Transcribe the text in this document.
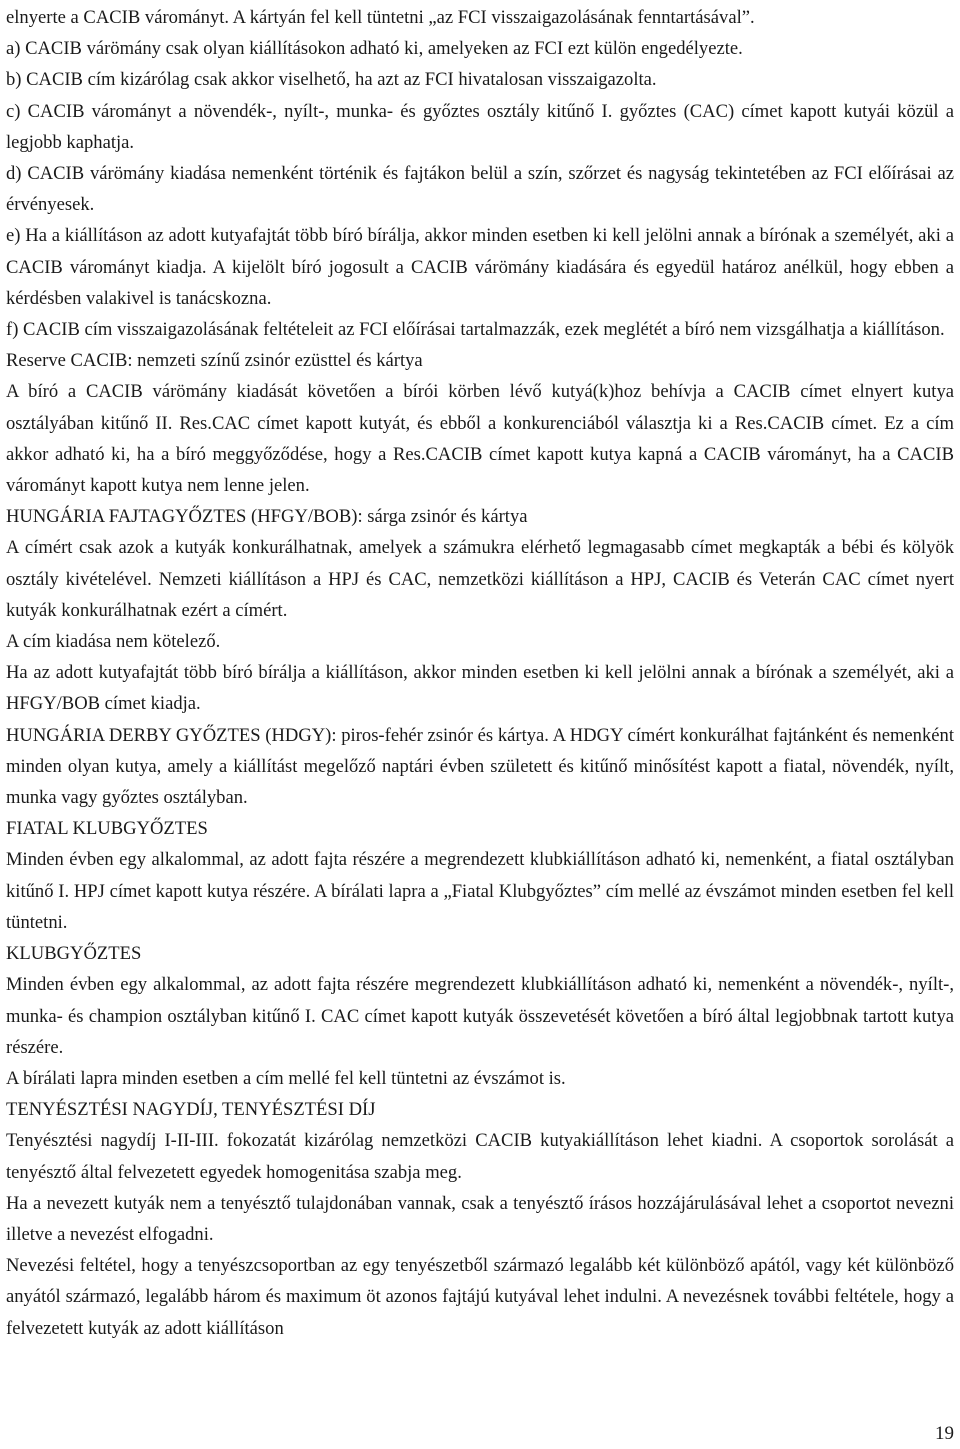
elnyerte a CACIB várományt. A kártyán fel kell tüntetni „az FCI visszaigazolásának fenntartásával”.

a) CACIB várömány csak olyan kiállításokon adható ki, amelyeken az FCI ezt külön engedélyezte.

b) CACIB cím kizárólag csak akkor viselhető, ha azt az FCI hivatalosan visszaigazolta.

c) CACIB várományt a növendék-, nyílt-, munka- és győztes osztály kitűnő I. győztes (CAC) címet kapott kutyái közül a legjobb kaphatja.

d) CACIB várömány kiadása nemenként történik és fajtákon belül a szín, szőrzet és nagyság tekintetében az FCI előírásai az érvényesek.

e) Ha a kiállításon az adott kutyafajtát több bíró bírálja, akkor minden esetben ki kell jelölni annak a bírónak a személyét, aki a CACIB várományt kiadja. A kijelölt bíró jogosult a CACIB várömány kiadására és egyedül határoz anélkül, hogy ebben a kérdésben valakivel is tanácskozna.

f) CACIB cím visszaigazolásának feltételeit az FCI előírásai tartalmazzák, ezek meglétét a bíró nem vizsgálhatja a kiállításon.

Reserve CACIB: nemzeti színű zsinór ezüsttel és kártya

A bíró a CACIB várömány kiadását követően a bírói körben lévő kutyá(k)hoz behívja a CACIB címet elnyert kutya osztályában kitűnő II. Res.CAC címet kapott kutyát, és ebből a konkurenciából választja ki a Res.CACIB címet. Ez a cím akkor adható ki, ha a bíró meggyőződése, hogy a Res.CACIB címet kapott kutya kapná a CACIB várományt, ha a CACIB várományt kapott kutya nem lenne jelen.

HUNGÁRIA FAJTAGYŐZTES (HFGY/BOB): sárga zsinór és kártya

A címért csak azok a kutyák konkurálhatnak, amelyek a számukra elérhető legmagasabb címet megkapták a bébi és kölyök osztály kivételével. Nemzeti kiállításon a HPJ és CAC, nemzetközi kiállításon a HPJ, CACIB és Veterán CAC címet nyert kutyák konkurálhatnak ezért a címért.

A cím kiadása nem kötelező.

Ha az adott kutyafajtát több bíró bírálja a kiállításon, akkor minden esetben ki kell jelölni annak a bírónak a személyét, aki a HFGY/BOB címet kiadja.

HUNGÁRIA DERBY GYŐZTES (HDGY): piros-fehér zsinór és kártya. A HDGY címért konkurálhat fajtánként és nemenként minden olyan kutya, amely a kiállítást megelőző naptári évben született és kitűnő minősítést kapott a fiatal, növendék, nyílt, munka vagy győztes osztályban.

FIATAL KLUBGYŐZTES

Minden évben egy alkalommal, az adott fajta részére a megrendezett klubkiállításon adható ki, nemenként, a fiatal osztályban kitűnő I. HPJ címet kapott kutya részére. A bírálati lapra a „Fiatal Klubgyőztes” cím mellé az évszámot minden esetben fel kell tüntetni.

KLUBGYŐZTES

Minden évben egy alkalommal, az adott fajta részére megrendezett klubkiállításon adható ki, nemenként a növendék-, nyílt-, munka- és champion osztályban kitűnő I. CAC címet kapott kutyák összevetését követően a bíró által legjobbnak tartott kutya részére.

A bírálati lapra minden esetben a cím mellé fel kell tüntetni az évszámot is.

TENYÉSZTÉSI NAGYDÍJ, TENYÉSZTÉSI DÍJ

Tenyésztési nagydíj I-II-III. fokozatát kizárólag nemzetközi CACIB kutyakiállításon lehet kiadni. A csoportok sorolását a tenyésztő által felvezetett egyedek homogenitása szabja meg.

Ha a nevezett kutyák nem a tenyésztő tulajdonában vannak, csak a tenyésztő írásos hozzájárulásával lehet a csoportot nevezni illetve a nevezést elfogadni.

Nevezési feltétel, hogy a tenyészcsoportban az egy tenyészetből származó legalább két különböző apától, vagy két különböző anyától származó, legalább három és maximum öt azonos fajtájú kutyával lehet indulni. A nevezésnek további feltétele, hogy a felvezetett kutyák az adott kiállításon

19
